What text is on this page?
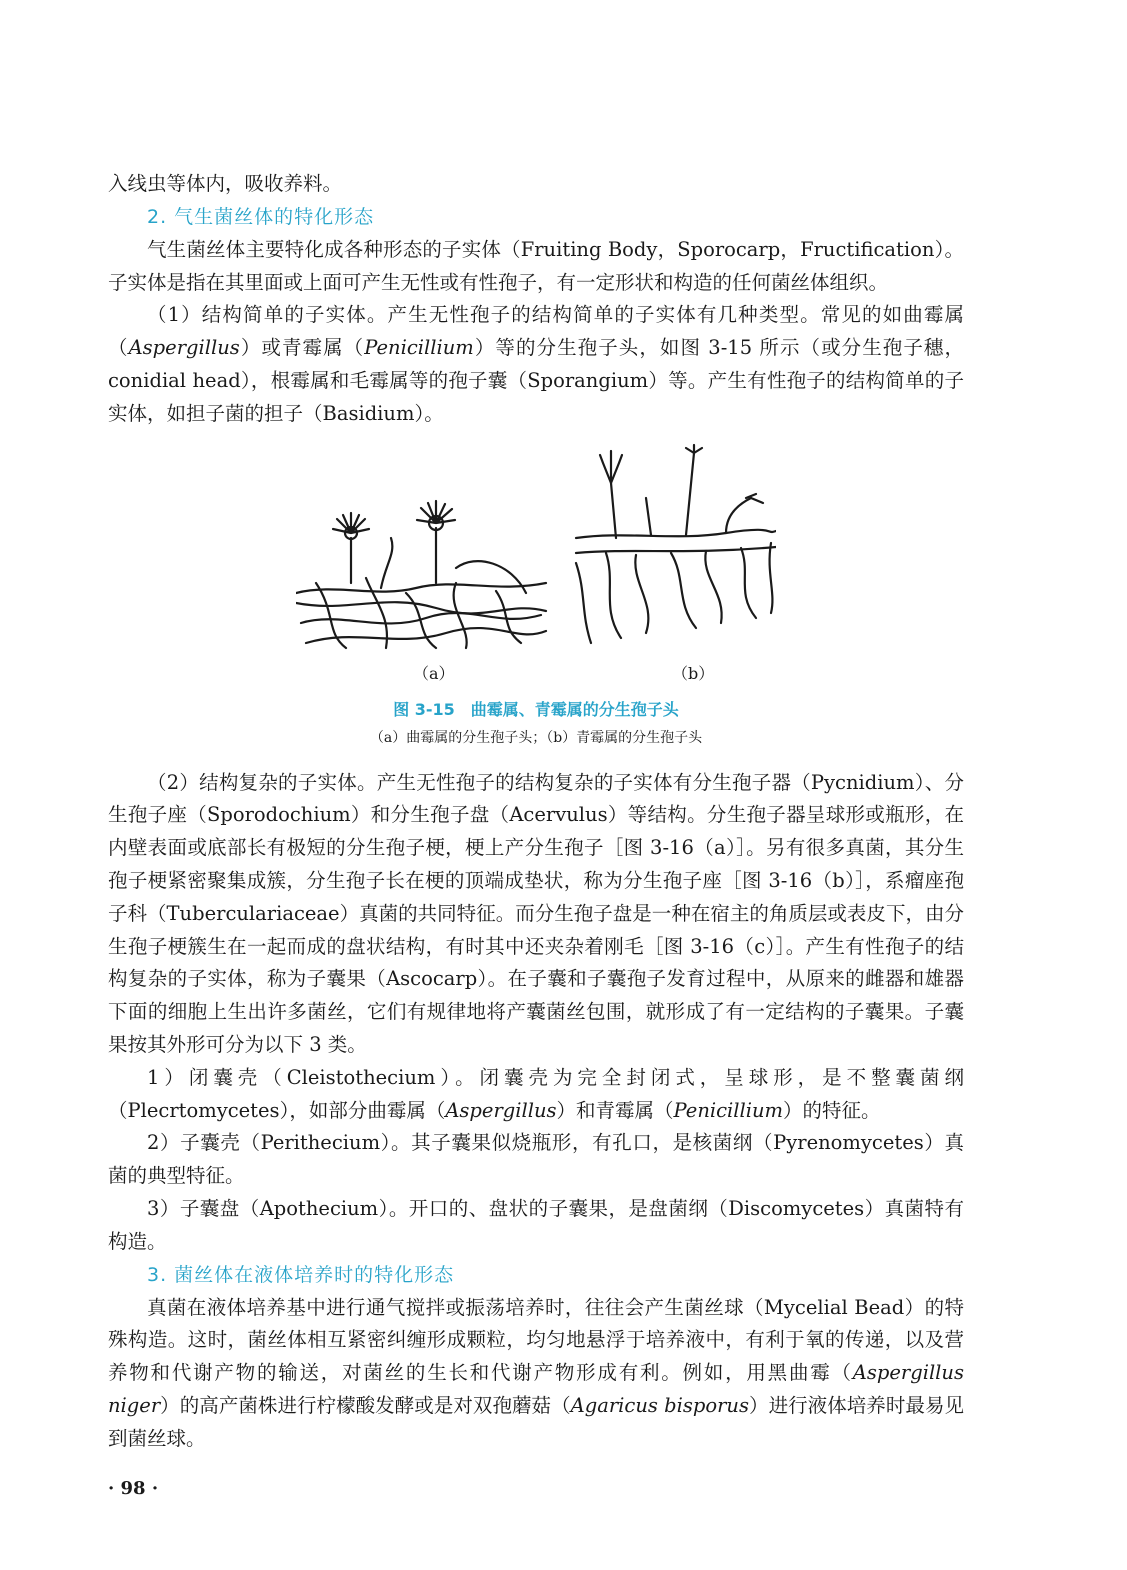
入线虫等体内，吸收养料。

2. 气生菌丝体的特化形态

气生菌丝体主要特化成各种形态的子实体（Fruiting Body，Sporocarp，Fructification）。子实体是指在其里面或上面可产生无性或有性孢子，有一定形状和构造的任何菌丝体组织。

（1）结构简单的子实体。产生无性孢子的结构简单的子实体有几种类型。常见的如曲霉属（Aspergillus）或青霉属（Penicillium）等的分生孢子头，如图 3-15 所示（或分生孢子穗，conidial head），根霉属和毛霉属等的孢子囊（Sporangium）等。产生有性孢子的结构简单的子实体，如担子菌的担子（Basidium）。

（a）	（b）
图 3-15　曲霉属、青霉属的分生孢子头
（a）曲霉属的分生孢子头；（b）青霉属的分生孢子头

（2）结构复杂的子实体。产生无性孢子的结构复杂的子实体有分生孢子器（Pycnidium）、分生孢子座（Sporodochium）和分生孢子盘（Acervulus）等结构。分生孢子器呈球形或瓶形，在内壁表面或底部长有极短的分生孢子梗，梗上产分生孢子［图 3-16（a）］。另有很多真菌，其分生孢子梗紧密聚集成簇，分生孢子长在梗的顶端成垫状，称为分生孢子座［图 3-16（b）］，系瘤座孢子科（Tuberculariaceae）真菌的共同特征。而分生孢子盘是一种在宿主的角质层或表皮下，由分生孢子梗簇生在一起而成的盘状结构，有时其中还夹杂着刚毛［图 3-16（c）］。产生有性孢子的结构复杂的子实体，称为子囊果（Ascocarp）。在子囊和子囊孢子发育过程中，从原来的雌器和雄器下面的细胞上生出许多菌丝，它们有规律地将产囊菌丝包围，就形成了有一定结构的子囊果。子囊果按其外形可分为以下 3 类。

1）闭囊壳（Cleistothecium）。闭囊壳为完全封闭式，呈球形，是不整囊菌纲（Plecrtomycetes），如部分曲霉属（Aspergillus）和青霉属（Penicillium）的特征。

2）子囊壳（Perithecium）。其子囊果似烧瓶形，有孔口，是核菌纲（Pyrenomycetes）真菌的典型特征。

3）子囊盘（Apothecium）。开口的、盘状的子囊果，是盘菌纲（Discomycetes）真菌特有构造。

3. 菌丝体在液体培养时的特化形态

真菌在液体培养基中进行通气搅拌或振荡培养时，往往会产生菌丝球（Mycelial Bead）的特殊构造。这时，菌丝体相互紧密纠缠形成颗粒，均匀地悬浮于培养液中，有利于氧的传递，以及营养物和代谢产物的输送，对菌丝的生长和代谢产物形成有利。例如，用黑曲霉（Aspergillus niger）的高产菌株进行柠檬酸发酵或是对双孢蘑菇（Agaricus bisporus）进行液体培养时最易见到菌丝球。

· 98 ·
